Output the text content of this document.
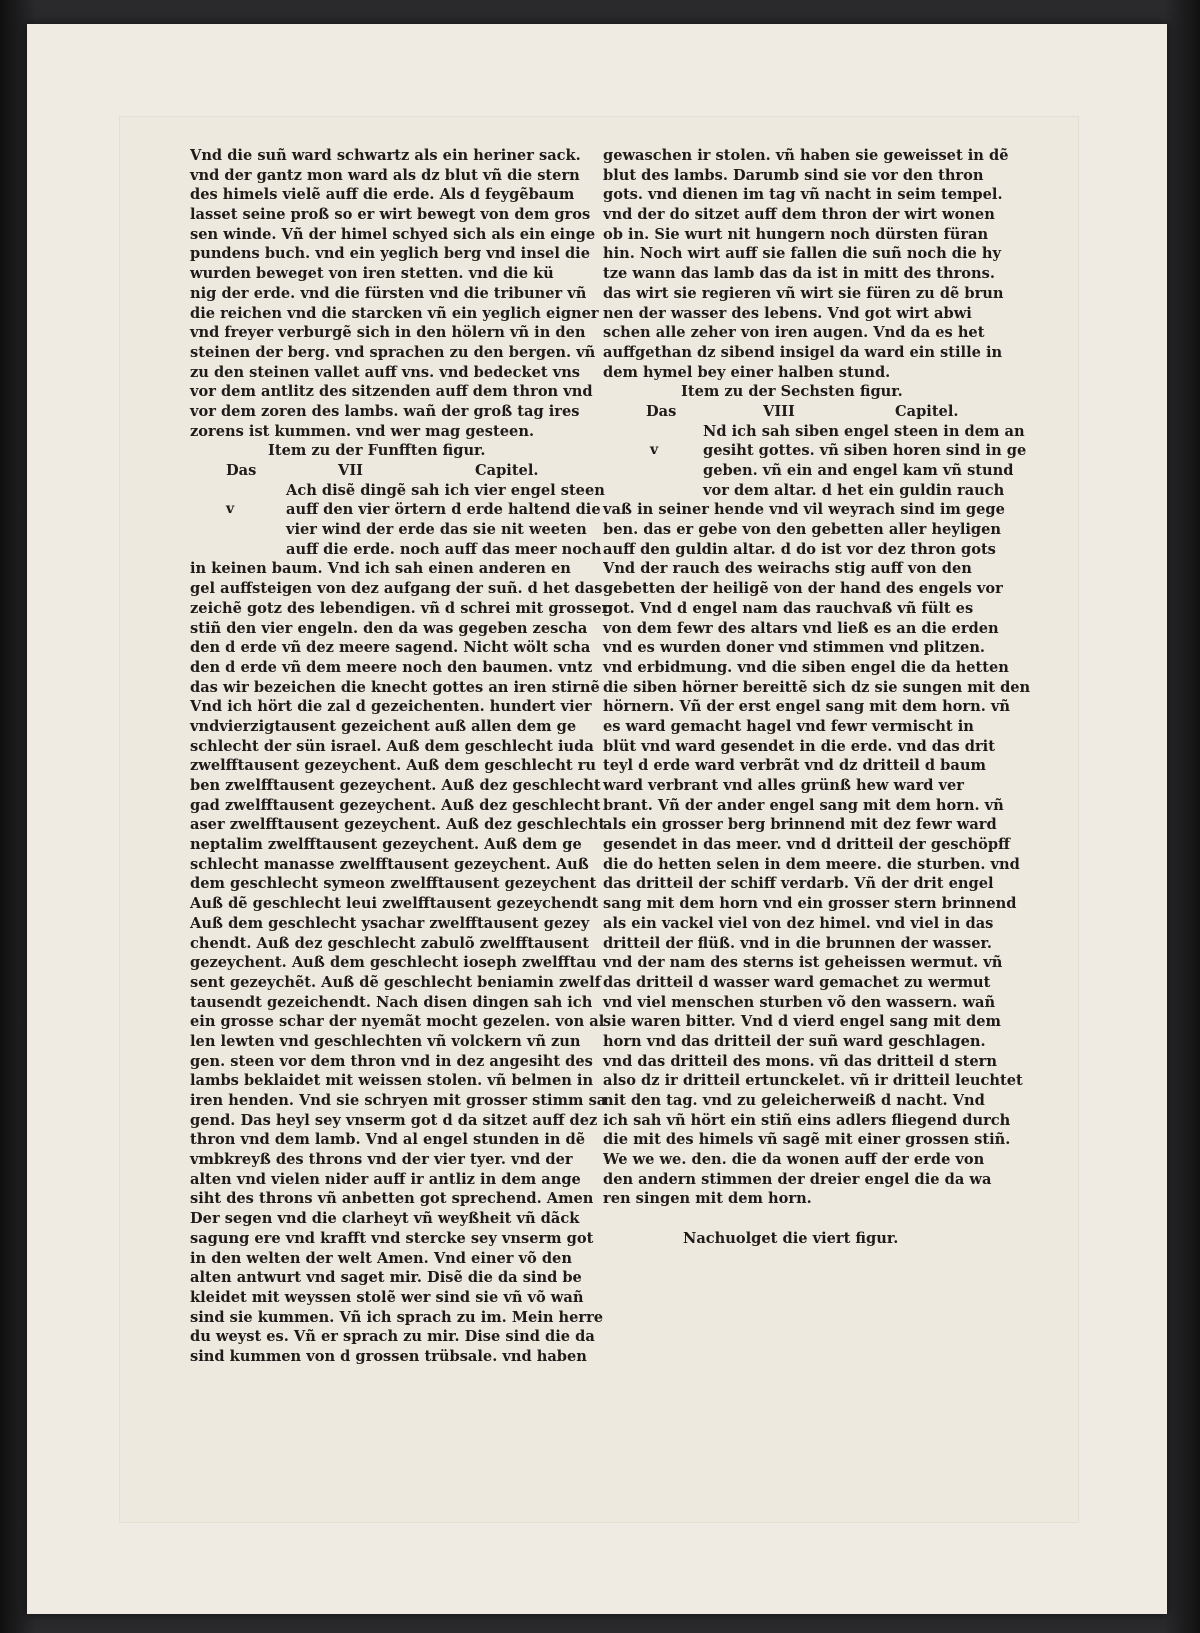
Vnd die suñ ward schwartz als ein heriner sack.
vnd der gantz mon ward als dz blut vñ die stern
des himels vielẽ auff die erde. Als d feygẽbaum
lasset seine proß so er wirt bewegt von dem gros
sen winde. Vñ der himel schyed sich als ein einge
pundens buch. vnd ein yeglich berg vnd insel die
wurden beweget von iren stetten. vnd die kü
nig der erde. vnd die fürsten vnd die tribuner vñ
die reichen vnd die starcken vñ ein yeglich eigner
vnd freyer verburgẽ sich in den hölern vñ in den
steinen der berg. vnd sprachen zu den bergen. vñ
zu den steinen vallet auff vns. vnd bedecket vns
vor dem antlitz des sitzenden auff dem thron vnd
vor dem zoren des lambs. wañ der groß tag ires
zorens ist kummen. vnd wer mag gesteen.
Item zu der Funfften figur.
Das	VII	Capitel.
v
Ach disẽ dingẽ sah ich vier engel steen
auff den vier örtern d erde haltend die
vier wind der erde das sie nit weeten
auff die erde. noch auff das meer noch
in keinen baum. Vnd ich sah einen anderen en
gel auffsteigen von dez aufgang der suñ. d het das
zeichẽ gotz des lebendigen. vñ d schrei mit grosser
stiñ den vier engeln. den da was gegeben zescha
den d erde vñ dez meere sagend. Nicht wölt scha
den d erde vñ dem meere noch den baumen. vntz
das wir bezeichen die knecht gottes an iren stirnẽ
Vnd ich hört die zal d gezeichenten. hundert vier
vndvierzigtausent gezeichent auß allen dem ge
schlecht der sün israel. Auß dem geschlecht iuda
zwelfftausent gezeychent. Auß dem geschlecht ru
ben zwelfftausent gezeychent. Auß dez geschlecht
gad zwelfftausent gezeychent. Auß dez geschlecht
aser zwelfftausent gezeychent. Auß dez geschlecht
neptalim zwelfftausent gezeychent. Auß dem ge
schlecht manasse zwelfftausent gezeychent. Auß
dem geschlecht symeon zwelfftausent gezeychent
Auß dẽ geschlecht leui zwelfftausent gezeychendt
Auß dem geschlecht ysachar zwelfftausent gezey
chendt. Auß dez geschlecht zabulõ zwelfftausent
gezeychent. Auß dem geschlecht ioseph zwelfftau
sent gezeychẽt. Auß dẽ geschlecht beniamin zwelf
tausendt gezeichendt. Nach disen dingen sah ich
ein grosse schar der nyemãt mocht gezelen. von al
len lewten vnd geschlechten vñ volckern vñ zun
gen. steen vor dem thron vnd in dez angesiht des
lambs beklaidet mit weissen stolen. vñ belmen in
iren henden. Vnd sie schryen mit grosser stimm sa
gend. Das heyl sey vnserm got d da sitzet auff dez
thron vnd dem lamb. Vnd al engel stunden in dẽ
vmbkreyß des throns vnd der vier tyer. vnd der
alten vnd vielen nider auff ir antliz in dem ange
siht des throns vñ anbetten got sprechend. Amen
Der segen vnd die clarheyt vñ weyßheit vñ dãck
sagung ere vnd krafft vnd stercke sey vnserm got
in den welten der welt Amen. Vnd einer võ den
alten antwurt vnd saget mir. Disẽ die da sind be
kleidet mit weyssen stolẽ wer sind sie vñ võ wañ
sind sie kummen. Vñ ich sprach zu im. Mein herre
du weyst es. Vñ er sprach zu mir. Dise sind die da
sind kummen von d grossen trübsale. vnd haben
gewaschen ir stolen. vñ haben sie geweisset in dẽ
blut des lambs. Darumb sind sie vor den thron
gots. vnd dienen im tag vñ nacht in seim tempel.
vnd der do sitzet auff dem thron der wirt wonen
ob in. Sie wurt nit hungern noch dürsten füran
hin. Noch wirt auff sie fallen die suñ noch die hy
tze wann das lamb das da ist in mitt des throns.
das wirt sie regieren vñ wirt sie füren zu dẽ brun
nen der wasser des lebens. Vnd got wirt abwi
schen alle zeher von iren augen. Vnd da es het
auffgethan dz sibend insigel da ward ein stille in
dem hymel bey einer halben stund.
Item zu der Sechsten figur.
Das	VIII	Capitel.
v
Nd ich sah siben engel steen in dem an
gesiht gottes. vñ siben horen sind in ge
geben. vñ ein and engel kam vñ stund
vor dem altar. d het ein guldin rauch
vaß in seiner hende vnd vil weyrach sind im gege
ben. das er gebe von den gebetten aller heyligen
auff den guldin altar. d do ist vor dez thron gots
Vnd der rauch des weirachs stig auff von den
gebetten der heiligẽ von der hand des engels vor
got. Vnd d engel nam das rauchvaß vñ fült es
von dem fewr des altars vnd ließ es an die erden
vnd es wurden doner vnd stimmen vnd plitzen.
vnd erbidmung. vnd die siben engel die da hetten
die siben hörner bereittẽ sich dz sie sungen mit den
hörnern. Vñ der erst engel sang mit dem horn. vñ
es ward gemacht hagel vnd fewr vermischt in
blüt vnd ward gesendet in die erde. vnd das drit
teyl d erde ward verbrãt vnd dz dritteil d baum
ward verbrant vnd alles grünß hew ward ver
brant. Vñ der ander engel sang mit dem horn. vñ
als ein grosser berg brinnend mit dez fewr ward
gesendet in das meer. vnd d dritteil der geschöpff
die do hetten selen in dem meere. die sturben. vnd
das dritteil der schiff verdarb. Vñ der drit engel
sang mit dem horn vnd ein grosser stern brinnend
als ein vackel viel von dez himel. vnd viel in das
dritteil der flüß. vnd in die brunnen der wasser.
vnd der nam des sterns ist geheissen wermut. vñ
das dritteil d wasser ward gemachet zu wermut
vnd viel menschen sturben võ den wassern. wañ
sie waren bitter. Vnd d vierd engel sang mit dem
horn vnd das dritteil der suñ ward geschlagen.
vnd das dritteil des mons. vñ das dritteil d stern
also dz ir dritteil ertunckelet. vñ ir dritteil leuchtet
nit den tag. vnd zu geleicherweiß d nacht. Vnd
ich sah vñ hört ein stiñ eins adlers fliegend durch
die mit des himels vñ sagẽ mit einer grossen stiñ.
We we we. den. die da wonen auff der erde von
den andern stimmen der dreier engel die da wa
ren singen mit dem horn.
Nachuolget die viert figur.
